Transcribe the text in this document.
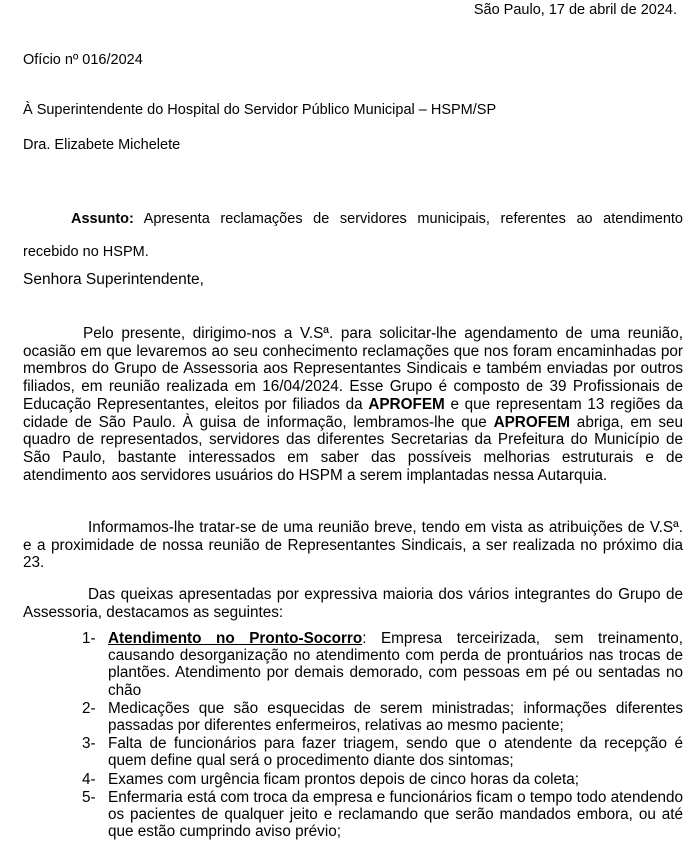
São Paulo, 17 de abril de 2024.

Ofício nº 016/2024

À Superintendente do Hospital do Servidor Público Municipal – HSPM/SP

Dra. Elizabete Michelete

Assunto: Apresenta reclamações de servidores municipais, referentes ao atendimento recebido no HSPM.

Senhora Superintendente,

Pelo presente, dirigimo-nos a V.Sª. para solicitar-lhe agendamento de uma reunião, ocasião em que levaremos ao seu conhecimento reclamações que nos foram encaminhadas por membros do Grupo de Assessoria aos Representantes Sindicais e também enviadas por outros filiados, em reunião realizada em 16/04/2024. Esse Grupo é composto de 39 Profissionais de Educação Representantes, eleitos por filiados da APROFEM e que representam 13 regiões da cidade de São Paulo. À guisa de informação, lembramos-lhe que APROFEM abriga, em seu quadro de representados, servidores das diferentes Secretarias da Prefeitura do Município de São Paulo, bastante interessados em saber das possíveis melhorias estruturais e de atendimento aos servidores usuários do HSPM a serem implantadas nessa Autarquia.

Informamos-lhe tratar-se de uma reunião breve, tendo em vista as atribuições de V.Sª. e a proximidade de nossa reunião de Representantes Sindicais, a ser realizada no próximo dia 23.

Das queixas apresentadas por expressiva maioria dos vários integrantes do Grupo de Assessoria, destacamos as seguintes:

1- Atendimento no Pronto-Socorro: Empresa terceirizada, sem treinamento, causando desorganização no atendimento com perda de prontuários nas trocas de plantões. Atendimento por demais demorado, com pessoas em pé ou sentadas no chão
2- Medicações que são esquecidas de serem ministradas; informações diferentes passadas por diferentes enfermeiros, relativas ao mesmo paciente;
3- Falta de funcionários para fazer triagem, sendo que o atendente da recepção é quem define qual será o procedimento diante dos sintomas;
4- Exames com urgência ficam prontos depois de cinco horas da coleta;
5- Enfermaria está com troca da empresa e funcionários ficam o tempo todo atendendo os pacientes de qualquer jeito e reclamando que serão mandados embora, ou até que estão cumprindo aviso prévio;
